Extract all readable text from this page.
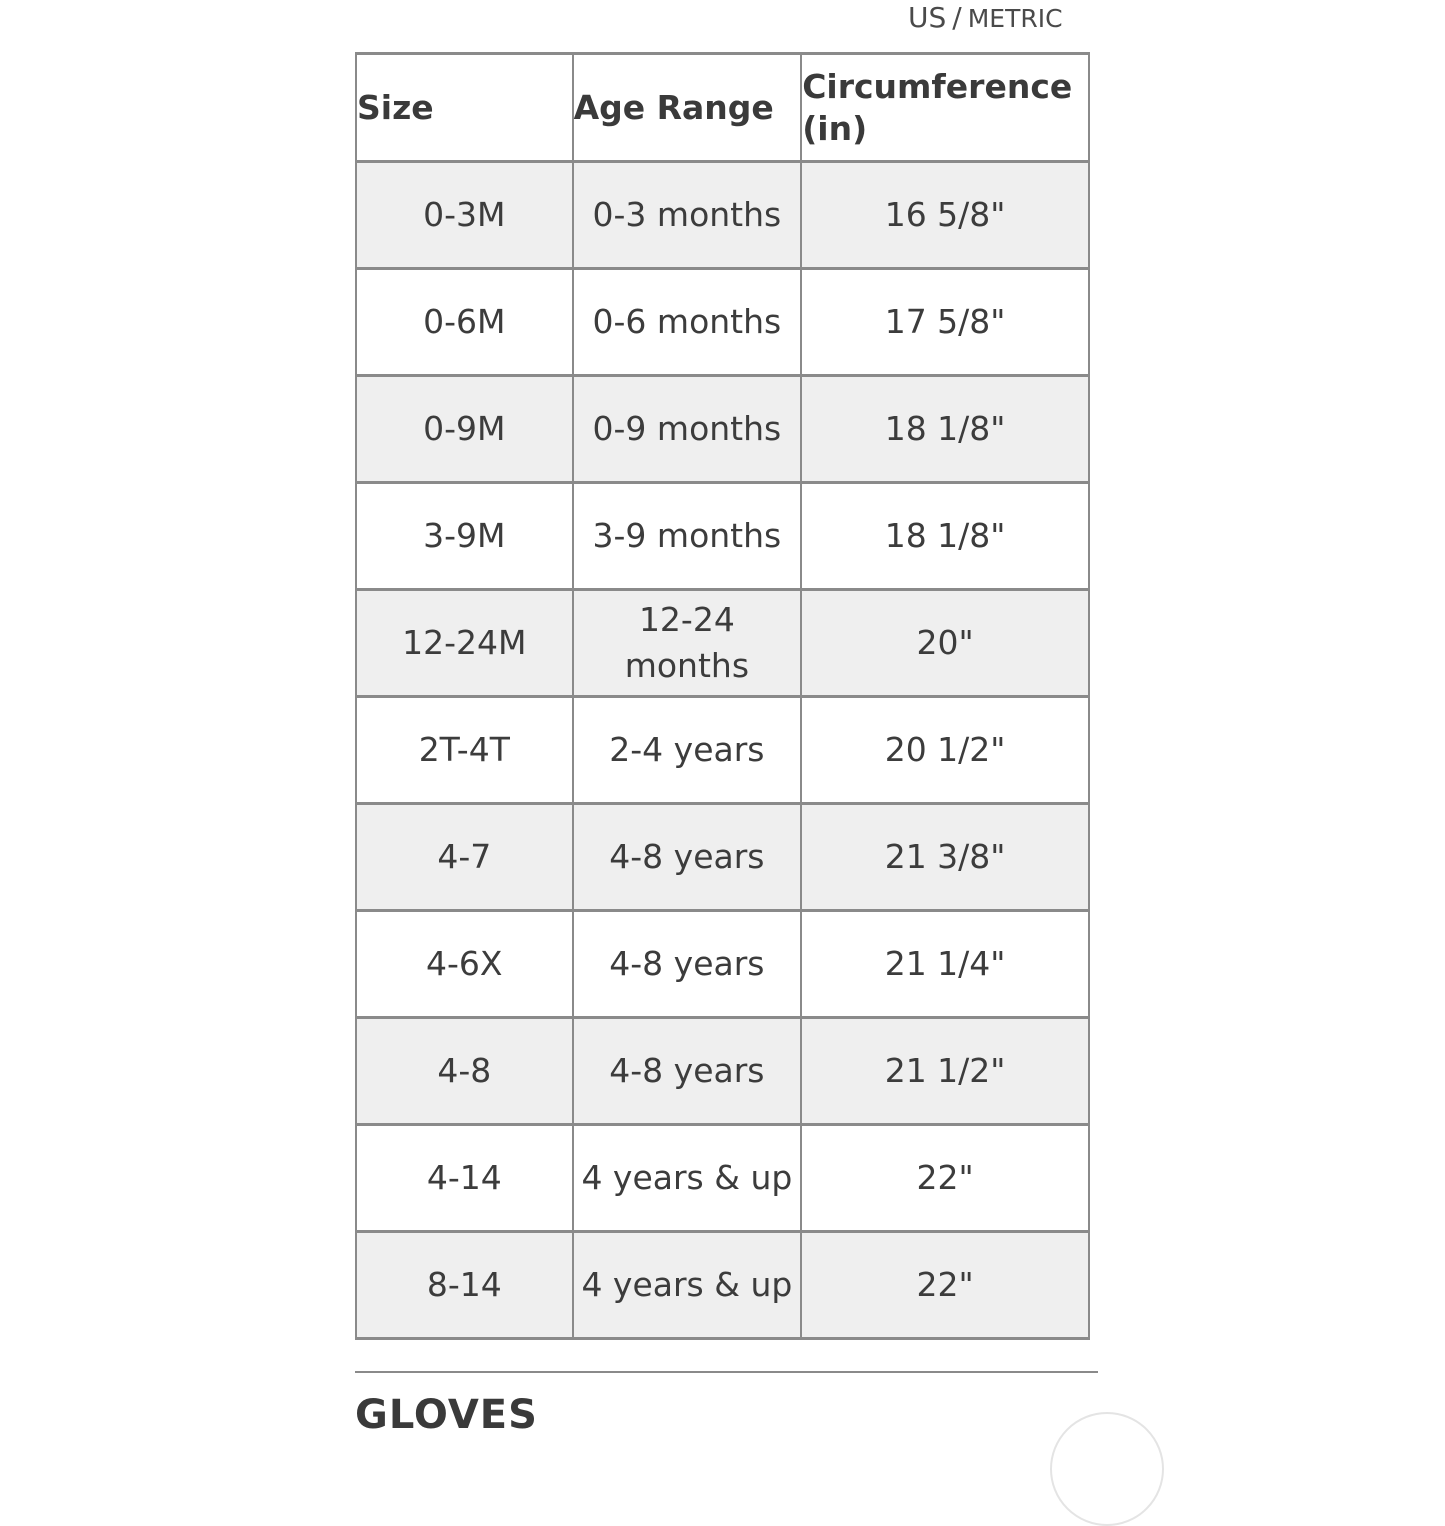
US / METRIC
Size	Age Range	Circumference (in)
0-3M	0-3 months	16 5/8"
0-6M	0-6 months	17 5/8"
0-9M	0-9 months	18 1/8"
3-9M	3-9 months	18 1/8"
12-24M	12-24 months	20"
2T-4T	2-4 years	20 1/2"
4-7	4-8 years	21 3/8"
4-6X	4-8 years	21 1/4"
4-8	4-8 years	21 1/2"
4-14	4 years & up	22"
8-14	4 years & up	22"
GLOVES
